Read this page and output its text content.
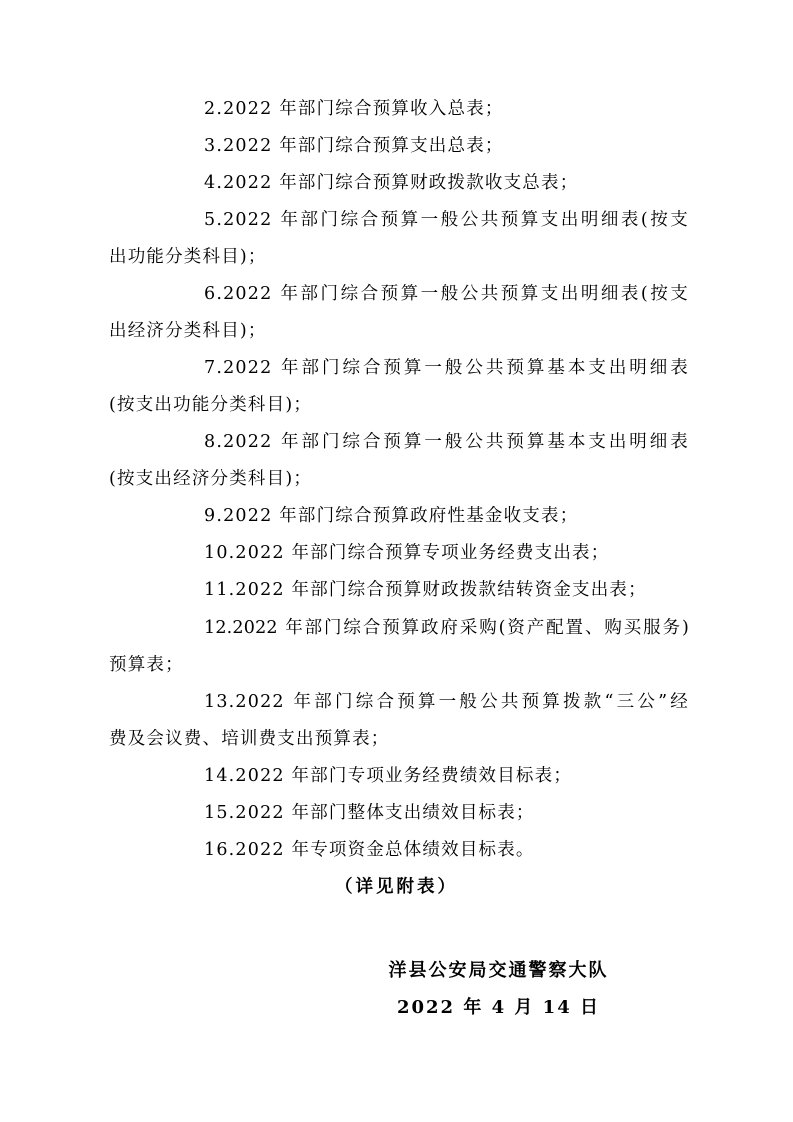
2.2022 年部门综合预算收入总表；
3.2022 年部门综合预算支出总表；
4.2022 年部门综合预算财政拨款收支总表；
5.2022 年部门综合预算一般公共预算支出明细表(按支
出功能分类科目)；
6.2022 年部门综合预算一般公共预算支出明细表(按支
出经济分类科目)；
7.2022 年部门综合预算一般公共预算基本支出明细表
(按支出功能分类科目)；
8.2022 年部门综合预算一般公共预算基本支出明细表
(按支出经济分类科目)；
9.2022 年部门综合预算政府性基金收支表；
10.2022 年部门综合预算专项业务经费支出表；
11.2022 年部门综合预算财政拨款结转资金支出表；
12.2022 年部门综合预算政府采购(资产配置、购买服务)
预算表；
13.2022 年部门综合预算一般公共预算拨款“三公”经
费及会议费、培训费支出预算表；
14.2022 年部门专项业务经费绩效目标表；
15.2022 年部门整体支出绩效目标表；
16.2022 年专项资金总体绩效目标表。
（详见附表）
洋县公安局交通警察大队
2022 年 4 月 14 日
